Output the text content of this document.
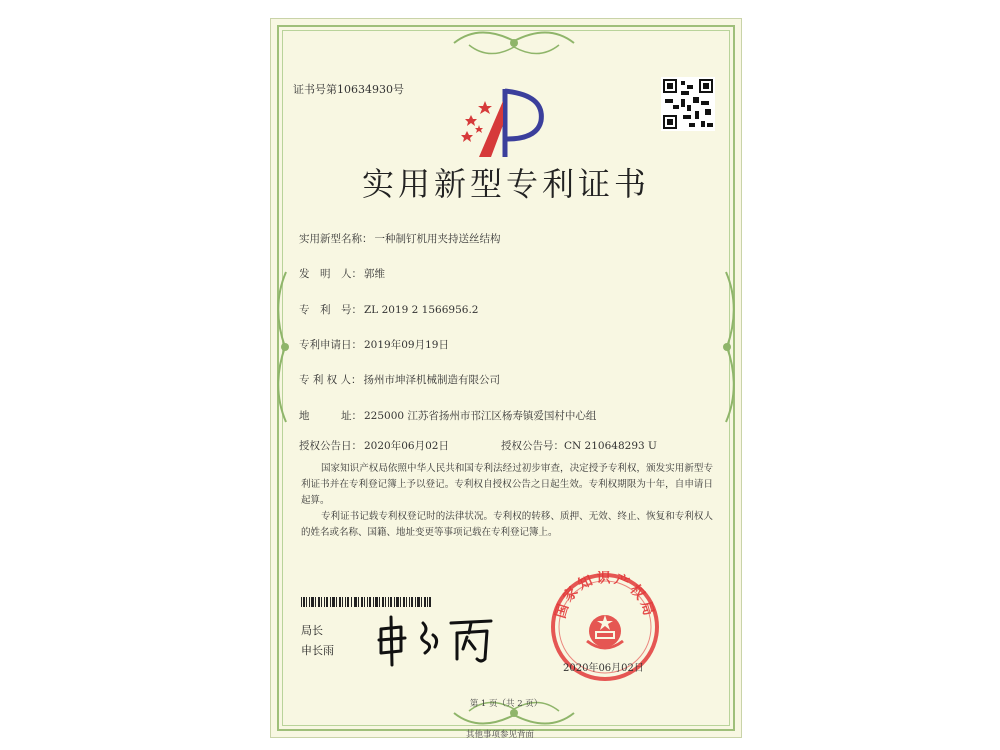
证书号第10634930号
实用新型专利证书
实用新型名称： 一种制钉机用夹持送丝结构
发　明　人： 郭维
专　利　号： ZL 2019 2 1566956.2
专利申请日： 2019年09月19日
专 利 权 人： 扬州市坤泽机械制造有限公司
地　　　址： 225000 江苏省扬州市邗江区杨寿镇爱国村中心组
授权公告日： 2020年06月02日	授权公告号：CN 210648293 U
国家知识产权局依照中华人民共和国专利法经过初步审查，决定授予专利权，颁发实用新型专利证书并在专利登记簿上予以登记。专利权自授权公告之日起生效。专利权期限为十年，自申请日起算。
专利证书记载专利权登记时的法律状况。专利权的转移、质押、无效、终止、恢复和专利权人的姓名或名称、国籍、地址变更等事项记载在专利登记簿上。
局长
申长雨
国家知识产权局
2020年06月02日
第 1 页（共 2 页）
其他事项参见背面
